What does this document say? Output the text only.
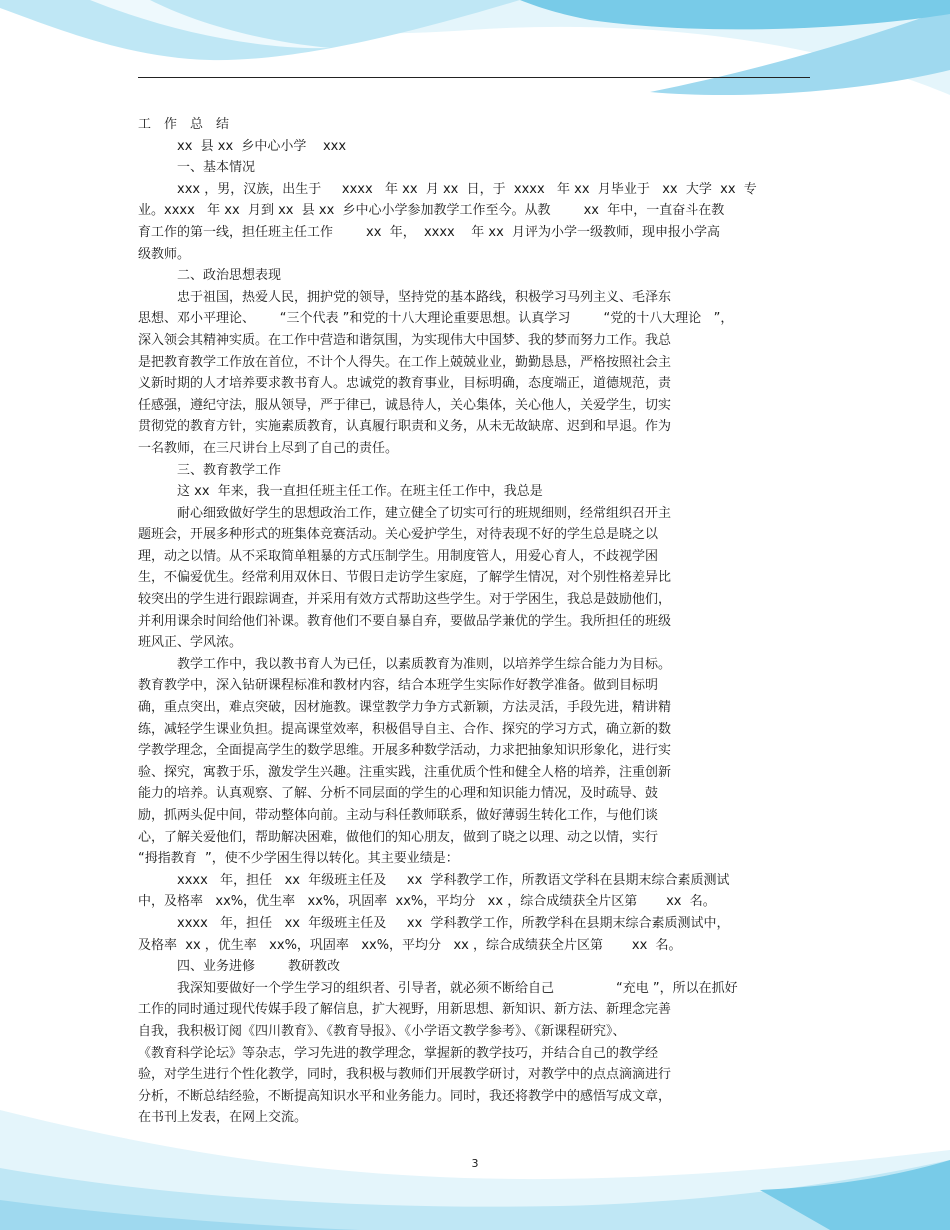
工　作　总　结
　　　xx  县 xx  乡中心小学    xxx
　　　一、基本情况
　　　xxx ，男，汉族，出生于     xxxx   年 xx  月 xx  日，于  xxxx   年 xx  月毕业于   xx  大学  xx  专
业。xxxx   年 xx  月到 xx  县 xx  乡中心小学参加教学工作至今。从教        xx  年中，一直奋斗在教
育工作的第一线，担任班主任工作        xx  年，  xxxx    年 xx  月评为小学一级教师，现申报小学高
级教师。
　　　二、政治思想表现
　　　忠于祖国，热爱人民，拥护党的领导，坚持党的基本路线，积极学习马列主义、毛泽东
思想、邓小平理论、      “三个代表 ”和党的十八大理论重要思想。认真学习        “党的十八大理论   ”，
深入领会其精神实质。在工作中营造和谐氛围，为实现伟大中国梦、我的梦而努力工作。我总
是把教育教学工作放在首位，不计个人得失。在工作上兢兢业业，勤勤恳恳，严格按照社会主
义新时期的人才培养要求教书育人。忠诚党的教育事业，目标明确，态度端正，道德规范，责
任感强，遵纪守法，服从领导，严于律已，诚恳待人，关心集体，关心他人，关爱学生，切实
贯彻党的教育方针，实施素质教育，认真履行职责和义务，从未无故缺席、迟到和早退。作为
一名教师，在三尺讲台上尽到了自己的责任。
　　　三、教育教学工作
　　　这 xx  年来，我一直担任班主任工作。在班主任工作中，我总是
　　　耐心细致做好学生的思想政治工作，建立健全了切实可行的班规细则，经常组织召开主
题班会，开展多种形式的班集体竞赛活动。关心爱护学生，对待表现不好的学生总是晓之以
理，动之以情。从不采取简单粗暴的方式压制学生。用制度管人，用爱心育人，不歧视学困
生，不偏爱优生。经常利用双休日、节假日走访学生家庭，了解学生情况，对个别性格差异比
较突出的学生进行跟踪调查，并采用有效方式帮助这些学生。对于学困生，我总是鼓励他们，
并利用课余时间给他们补课。教育他们不要自暴自弃，要做品学兼优的学生。我所担任的班级
班风正、学风浓。
　　　教学工作中，我以教书育人为已任，以素质教育为准则，以培养学生综合能力为目标。
教育教学中，深入钻研课程标准和教材内容，结合本班学生实际作好教学准备。做到目标明
确，重点突出，难点突破，因材施教。课堂教学力争方式新颖，方法灵活，手段先进，精讲精
练，减轻学生课业负担。提高课堂效率，积极倡导自主、合作、探究的学习方式，确立新的数
学教学理念，全面提高学生的数学思维。开展多种数学活动，力求把抽象知识形象化，进行实
验、探究，寓教于乐，激发学生兴趣。注重实践，注重优质个性和健全人格的培养，注重创新
能力的培养。认真观察、了解、分析不同层面的学生的心理和知识能力情况，及时疏导、鼓
励，抓两头促中间，带动整体向前。主动与科任教师联系，做好薄弱生转化工作，与他们谈
心，了解关爱他们，帮助解决困难，做他们的知心朋友，做到了晓之以理、动之以情，实行
“拇指教育  ”，使不少学困生得以转化。其主要业绩是：
　　　xxxx   年，担任   xx  年级班主任及     xx  学科教学工作，所教语文学科在县期末综合素质测试
中，及格率   xx%，优生率   xx%，巩固率  xx%，平均分   xx ，综合成绩获全片区第       xx  名。
　　　xxxx   年，担任   xx  年级班主任及     xx  学科教学工作，所教学科在县期末综合素质测试中，
及格率  xx ，优生率   xx%，巩固率   xx%，平均分   xx ，综合成绩获全片区第       xx  名。
　　　四、业务进修        教研教改
　　　我深知要做好一个学生学习的组织者、引导者，就必须不断给自己               “充电 ”，所以在抓好
工作的同时通过现代传媒手段了解信息，扩大视野，用新思想、新知识、新方法、新理念完善
自我，我积极订阅《四川教育》、《教育导报》、《小学语文教学参考》、《新课程研究》、
《教育科学论坛》等杂志，学习先进的教学理念，掌握新的教学技巧，并结合自己的教学经
验，对学生进行个性化教学，同时，我积极与教师们开展教学研讨，对教学中的点点滴滴进行
分析，不断总结经验，不断提高知识水平和业务能力。同时，我还将教学中的感悟写成文章，
在书刊上发表，在网上交流。
3
